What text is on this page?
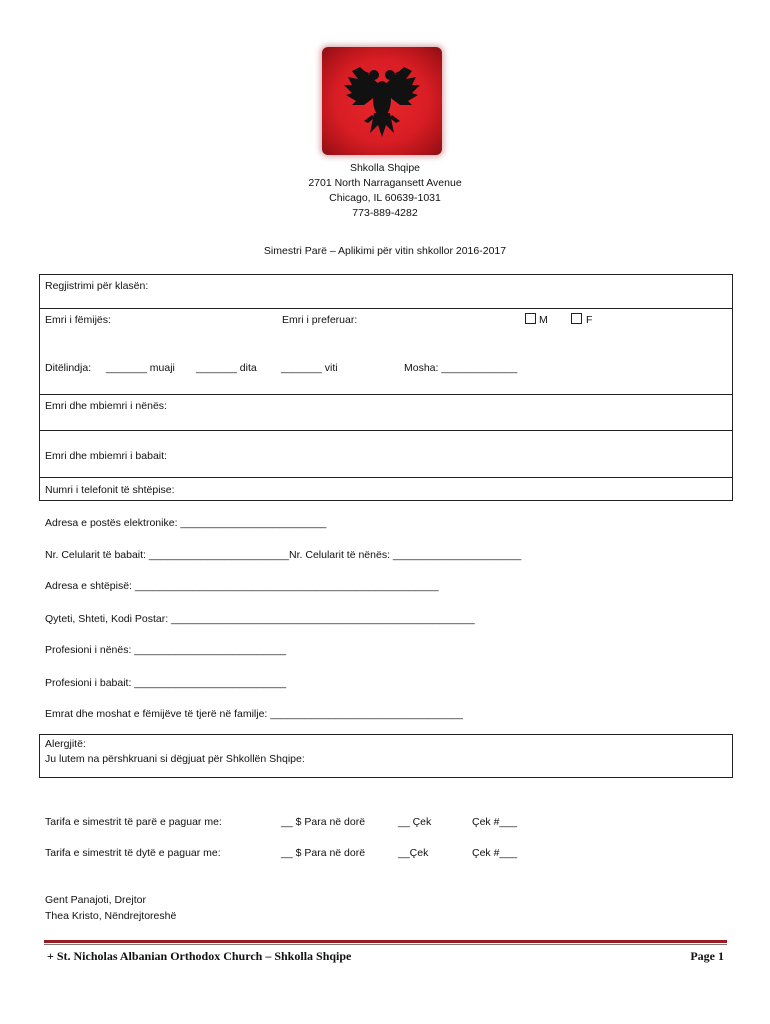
Shkolla Shqipe
2701 North Narragansett Avenue
Chicago, IL 60639-1031
773-889-4282
Simestri Parë – Aplikimi për vitin shkollor 2016-2017
Regjistrimi për klasën:
Emri i fëmijës:	Emri i preferuar:	M	F
Ditëlindja: _______ muaji _______ dita _______ viti	Mosha: _____________
Emri dhe mbiemri i nënës:
Emri dhe mbiemri i babait:
Numri i telefonit të shtëpise:
Adresa e postës elektronike: _________________________
Nr. Celularit të babait: ________________________Nr. Celularit të nënës: ______________________
Adresa e shtëpisë: ____________________________________________________
Qyteti, Shteti, Kodi Postar: ____________________________________________________
Profesioni i nënës: __________________________
Profesioni i babait: __________________________
Emrat dhe moshat e fëmijëve të tjerë në familje: _________________________________
Alergjitë:
Ju lutem na përshkruani si dëgjuat për Shkollën Shqipe:
Tarifa e simestrit të parë e paguar me:	__ $ Para në dorë	__ Çek	Çek #___
Tarifa e simestrit të dytë e paguar me:	__ $ Para në dorë	__Çek	Çek #___
Gent Panajoti, Drejtor
Thea Kristo, Nëndrejtoreshë
+ St. Nicholas Albanian Orthodox Church – Shkolla Shqipe	Page 1
